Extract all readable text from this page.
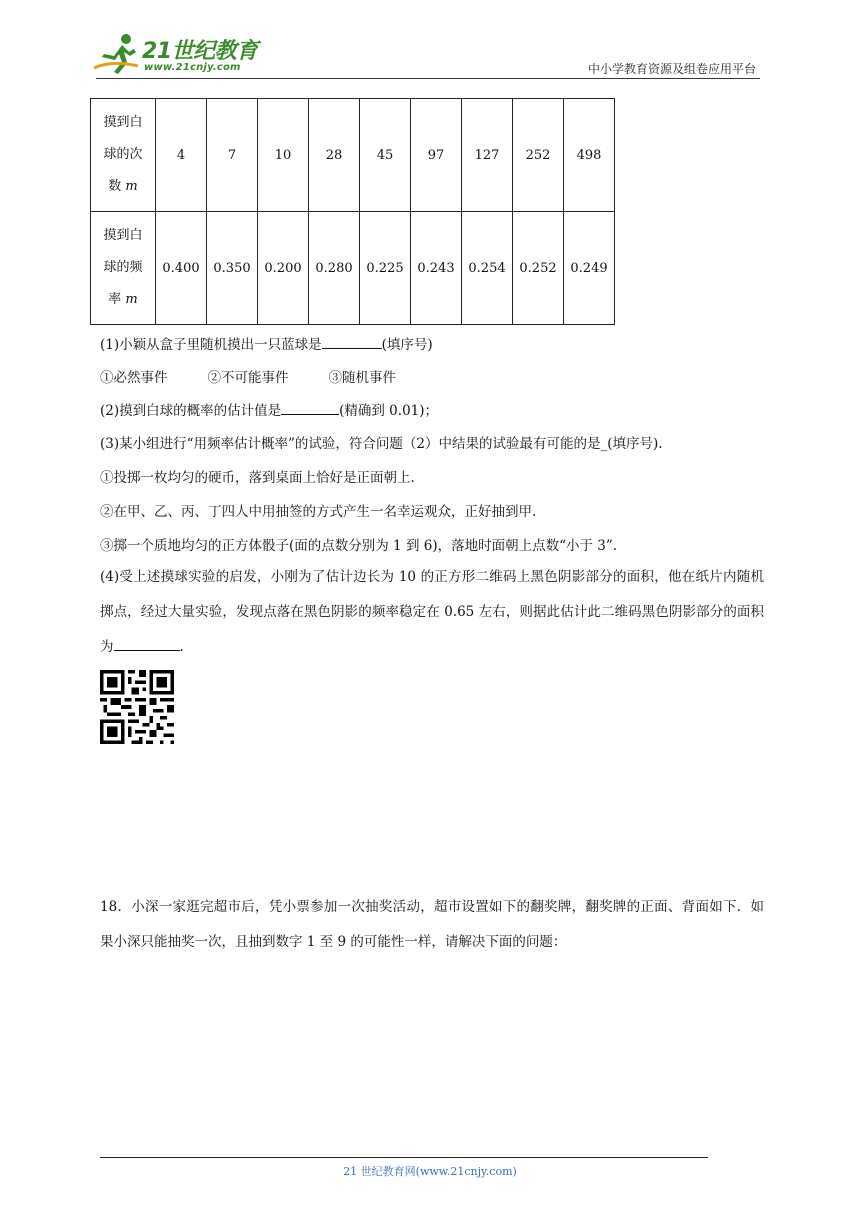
21世纪教育
www.21cnjy.com	中小学教育资源及组卷应用平台
摸到白
球的次
数 m	4	7	10	28	45	97	127	252	498

摸到白
球的频
率 m	0.400	0.350	0.200	0.280	0.225	0.243	0.254	0.252	0.249
(1)小颖从盒子里随机摸出一只蓝球是	(填序号)
①必然事件	②不可能事件	③随机事件
(2)摸到白球的概率的估计值是	(精确到 0.01)；
(3)某小组进行“用频率估计概率”的试验，符合问题（2）中结果的试验最有可能的是_(填序号).
①投掷一枚均匀的硬币，落到桌面上恰好是正面朝上.
②在甲、乙、丙、丁四人中用抽签的方式产生一名幸运观众，正好抽到甲.
③掷一个质地均匀的正方体骰子(面的点数分别为 1 到 6)，落地时面朝上点数“小于 3”.
(4)受上述摸球实验的启发，小刚为了估计边长为 10 的正方形二维码上黑色阴影部分的面积，他在纸片内随机掷点，经过大量实验，发现点落在黑色阴影的频率稳定在 0.65 左右，则据此估计此二维码黑色阴影部分的面积为	.
18．小深一家逛完超市后，凭小票参加一次抽奖活动，超市设置如下的翻奖牌，翻奖牌的正面、背面如下．如果小深只能抽奖一次，且抽到数字 1 至 9 的可能性一样，请解决下面的问题：
21 世纪教育网(www.21cnjy.com)
